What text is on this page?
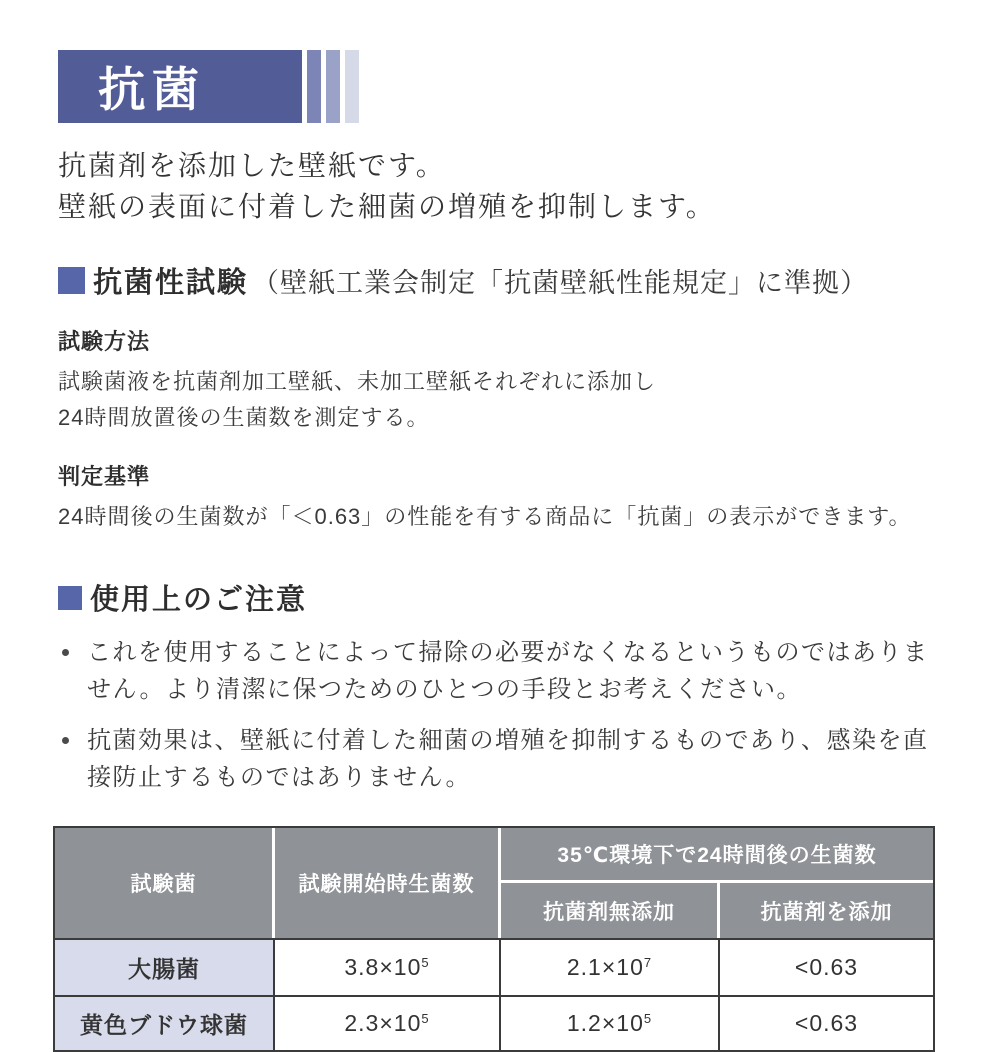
抗菌
抗菌剤を添加した壁紙です。
壁紙の表面に付着した細菌の増殖を抑制します。
抗菌性試験 （壁紙工業会制定「抗菌壁紙性能規定」に準拠）
試験方法
試験菌液を抗菌剤加工壁紙、未加工壁紙それぞれに添加し
24時間放置後の生菌数を測定する。
判定基準
24時間後の生菌数が「＜0.63」の性能を有する商品に「抗菌」の表示ができます。
使用上のご注意
これを使用することによって掃除の必要がなくなるというものではありません。より清潔に保つためのひとつの手段とお考えください。
抗菌効果は、壁紙に付着した細菌の増殖を抑制するものであり、感染を直接防止するものではありません。
試験菌	試験開始時生菌数
35℃環境下で24時間後の生菌数
抗菌剤無添加	抗菌剤を添加
大腸菌	3.8×10 5	2.1×10 7	<0.63
黄色ブドウ球菌	2.3×10 5	1.2×10 5	<0.63
